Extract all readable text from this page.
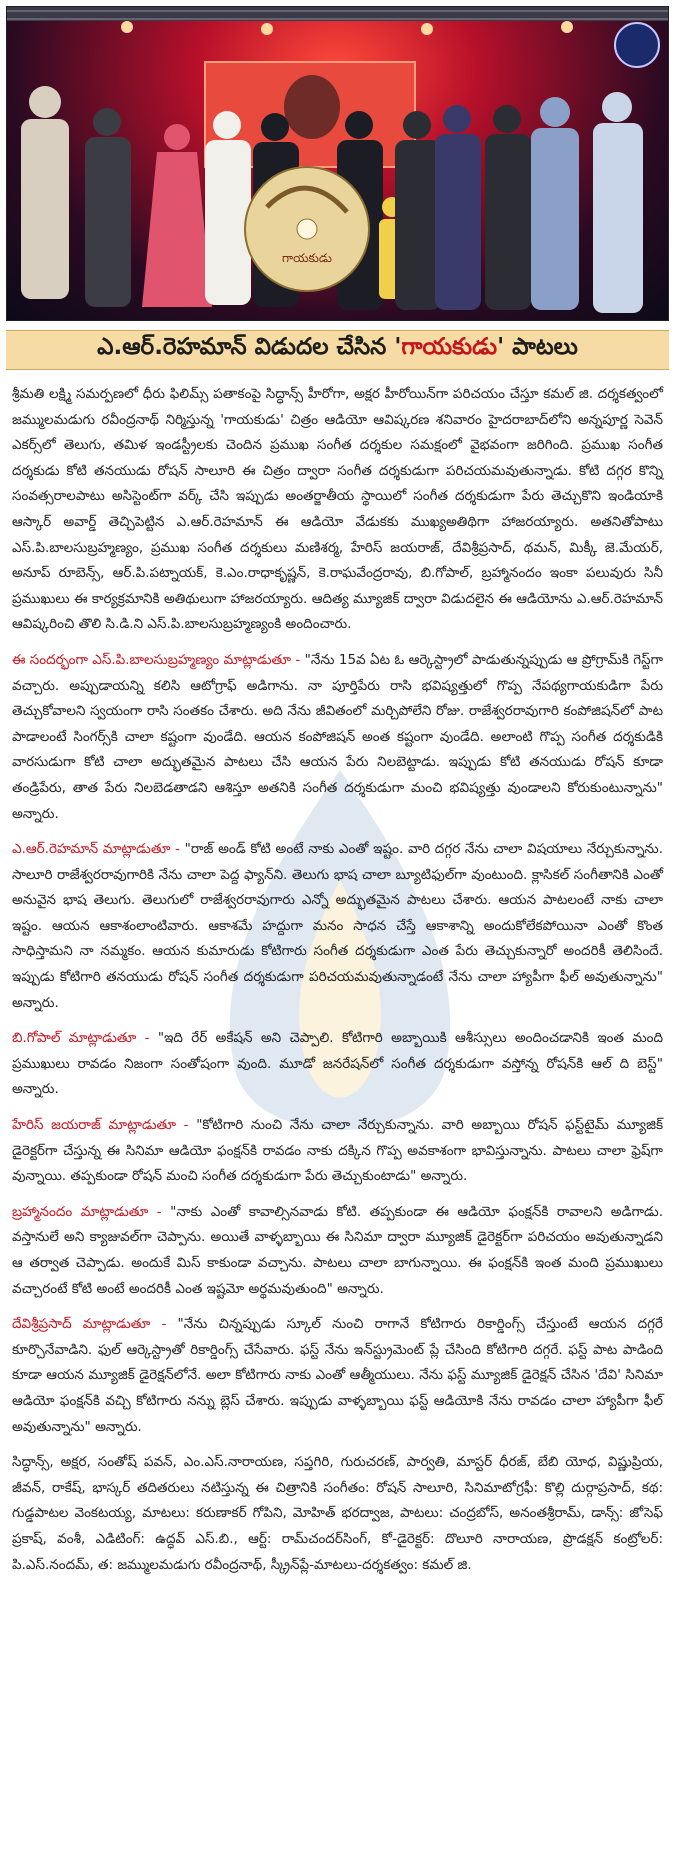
గాయకుడు
ఎ.ఆర్.రెహమాన్ విడుదల చేసిన 'గాయకుడు' పాటలు

శ్రీమతి లక్ష్మి సమర్పణలో ధీరు ఫిలిమ్స్ పతాకంపై సిద్ధాన్స్ హీరోగా, అక్షర హీరోయిన్‌గా పరిచయం చేస్తూ కమల్ జి. దర్శకత్వంలో జమ్ములమడుగు రవీంద్రనాథ్ నిర్మిస్తున్న 'గాయకుడు' చిత్రం ఆడియో ఆవిష్కరణ శనివారం హైదరాబాద్‌లోని అన్నపూర్ణ సెవెన్ ఎకర్స్‌లో తెలుగు, తమిళ ఇండస్ట్రీలకు చెందిన ప్రముఖ సంగీత దర్శకుల సమక్షంలో వైభవంగా జరిగింది. ప్రముఖ సంగీత దర్శకుడు కోటి తనయుడు రోషన్ సాలూరి ఈ చిత్రం ద్వారా సంగీత దర్శకుడుగా పరిచయమవుతున్నాడు. కోటి దగ్గర కొన్ని సంవత్సరాలపాటు అసిస్టెంట్‌గా వర్క్ చేసి ఇప్పుడు అంతర్జాతీయ స్థాయిలో సంగీత దర్శకుడుగా పేరు తెచ్చుకొని ఇండియాకి ఆస్కార్ అవార్డ్ తెచ్చిపెట్టిన ఎ.ఆర్.రెహమాన్ ఈ ఆడియో వేడుకకు ముఖ్యఅతిథిగా హాజరయ్యారు. అతనితోపాటు ఎస్.పి.బాలసుబ్రహ్మణ్యం, ప్రముఖ సంగీత దర్శకులు మణిశర్మ, హేరిస్ జయరాజ్, దేవిశ్రీప్రసాద్, థమన్, మిక్కీ జె.మేయర్, అనూప్ రూబెన్స్, ఆర్.పి.పట్నాయక్, కె.ఎం.రాధాకృష్ణన్, కె.రాఘవేంద్రరావు, బి.గోపాల్, బ్రహ్మానందం ఇంకా పలువురు సినీ ప్రముఖులు ఈ కార్యక్రమానికి అతిథులుగా హాజరయ్యారు. ఆదిత్య మ్యూజిక్ ద్వారా విడుదలైన ఈ ఆడియోను ఎ.ఆర్.రెహమాన్ ఆవిష్కరించి తొలి సి.డి.ని ఎస్.పి.బాలసుబ్రహ్మణ్యంకి అందించారు.

ఈ సందర్భంగా ఎస్.పి.బాలసుబ్రహ్మణ్యం మాట్లాడుతూ - "నేను 15వ ఏట ఓ ఆర్కెస్ట్రాలో పాడుతున్నప్పుడు ఆ ప్రోగ్రామ్‌కి గెస్ట్‌గా వచ్చారు. అప్పుడాయన్ని కలిసి ఆటోగ్రాఫ్ అడిగాను. నా పూర్తిపేరు రాసి భవిష్యత్తులో గొప్ప నేపథ్యగాయకుడిగా పేరు తెచ్చుకోవాలని స్వయంగా రాసి సంతకం చేశారు. అది నేను జీవితంలో మర్చిపోలేని రోజు. రాజేశ్వరరావుగారి కంపోజిషన్‌లో పాట పాడాలంటే సింగర్స్‌కి చాలా కష్టంగా వుండేది. ఆయన కంపోజిషన్ అంత కష్టంగా వుండేది. అలాంటి గొప్ప సంగీత దర్శకుడికి వారసుడుగా కోటి చాలా అద్భుతమైన పాటలు చేసి ఆయన పేరు నిలబెట్టాడు. ఇప్పుడు కోటి తనయుడు రోషన్ కూడా తండ్రిపేరు, తాత పేరు నిలబెడతాడని ఆశిస్తూ అతనికి సంగీత దర్శకుడుగా మంచి భవిష్యత్తు వుండాలని కోరుకుంటున్నాను" అన్నారు.

ఎ.ఆర్.రెహమాన్ మాట్లాడుతూ - "రాజ్ అండ్ కోటి అంటే నాకు ఎంతో ఇష్టం. వారి దగ్గర నేను చాలా విషయాలు నేర్చుకున్నాను. సాలూరి రాజేశ్వరరావుగారికి నేను చాలా పెద్ద ఫ్యాన్‌ని. తెలుగు భాష చాలా బ్యూటిఫుల్‌గా వుంటుంది. క్లాసికల్ సంగీతానికి ఎంతో అనువైన భాష తెలుగు. తెలుగులో రాజేశ్వరరావుగారు ఎన్నో అద్భుతమైన పాటలు చేశారు. ఆయన పాటలంటే నాకు చాలా ఇష్టం. ఆయన ఆకాశంలాంటివారు. ఆకాశమే హద్దుగా మనం సాధన చేస్తే ఆకాశాన్ని అందుకోలేకపోయినా ఎంతో కొంత సాధిస్తామని నా నమ్మకం. ఆయన కుమారుడు కోటిగారు సంగీత దర్శకుడుగా ఎంత పేరు తెచ్చుకున్నారో అందరికీ తెలిసిందే. ఇప్పుడు కోటిగారి తనయుడు రోషన్ సంగీత దర్శకుడుగా పరిచయమవుతున్నాడంటే నేను చాలా హ్యాపీగా ఫీల్ అవుతున్నాను" అన్నారు.

బి.గోపాల్ మాట్లాడుతూ - "ఇది రేర్ అకేషన్ అని చెప్పాలి. కోటిగారి అబ్బాయికి ఆశీస్సులు అందించడానికి ఇంత మంది ప్రముఖులు రావడం నిజంగా సంతోషంగా వుంది. మూడో జనరేషన్‌లో సంగీత దర్శకుడుగా వస్తోన్న రోషన్‌కి ఆల్ ది బెస్ట్" అన్నారు.

హేరిస్ జయరాజ్ మాట్లాడుతూ - "కోటిగారి నుంచి నేను చాలా నేర్చుకున్నాను. వారి అబ్బాయి రోషన్ ఫస్ట్‌టైమ్ మ్యూజిక్ డైరెక్టర్‌గా చేస్తున్న ఈ సినిమా ఆడియో ఫంక్షన్‌కి రావడం నాకు దక్కిన గొప్ప అవకాశంగా భావిస్తున్నాను. పాటలు చాలా ఫ్రెష్‌గా వున్నాయి. తప్పకుండా రోషన్ మంచి సంగీత దర్శకుడుగా పేరు తెచ్చుకుంటాడు" అన్నారు.

బ్రహ్మానందం మాట్లాడుతూ - "నాకు ఎంతో కావాల్సినవాడు కోటి. తప్పకుండా ఈ ఆడియో ఫంక్షన్‌కి రావాలని అడిగాడు. వస్తానులే అని క్యాజువల్‌గా చెప్పాను. అయితే వాళ్ళబ్బాయి ఈ సినిమా ద్వారా మ్యూజిక్ డైరెక్టర్‌గా పరిచయం అవుతున్నాడని ఆ తర్వాత చెప్పాడు. అందుకే మిస్ కాకుండా వచ్చాను. పాటలు చాలా బాగున్నాయి. ఈ ఫంక్షన్‌కి ఇంత మంది ప్రముఖులు వచ్చారంటే కోటి అంటే అందరికీ ఎంత ఇష్టమో అర్థమవుతుంది" అన్నారు.

దేవిశ్రీప్రసాద్ మాట్లాడుతూ - "నేను చిన్నప్పుడు స్కూల్ నుంచి రాగానే కోటిగారు రికార్డింగ్స్ చేస్తుంటే ఆయన దగ్గరే కూర్చొనేవాడిని. ఫుల్ ఆర్కెస్ట్రాతో రికార్డింగ్స్ చేసేవారు. ఫస్ట్ నేను ఇన్‌స్ట్రుమెంట్ ప్లే చేసింది కోటిగారి దగ్గరే. ఫస్ట్ పాట పాడింది కూడా ఆయన మ్యూజిక్ డైరెక్షన్‌లోనే. అలా కోటిగారు నాకు ఎంతో ఆత్మీయులు. నేను ఫస్ట్ మ్యూజిక్ డైరెక్షన్ చేసిన 'దేవి' సినిమా ఆడియో ఫంక్షన్‌కి వచ్చి కోటిగారు నన్ను బ్లెస్ చేశారు. ఇప్పుడు వాళ్ళబ్బాయి ఫస్ట్ ఆడియోకి నేను రావడం చాలా హ్యాపీగా ఫీల్ అవుతున్నాను" అన్నారు.

సిద్ధాన్స్, అక్షర, సంతోష్ పవన్, ఎం.ఎస్.నారాయణ, సప్తగిరి, గురుచరణ్, పార్వతి, మాస్టర్ ధీరజ్, బేబి యోధ, విష్ణుప్రియ, జీవన్, రాకేష్, భాస్కర్ తదితరులు నటిస్తున్న ఈ చిత్రానికి సంగీతం: రోషన్ సాలూరి, సినిమాటోగ్రఫీ: కొల్లి దుర్గాప్రసాద్, కథ: గుడ్డపాటల వెంకటయ్య, మాటలు: కరుణాకర్ గోపిని, మోహిత్ భరద్వాజ, పాటలు: చంద్రబోస్, అనంతశ్రీరామ్, డాన్స్: జోసెఫ్ ప్రకాష్, వంశీ, ఎడిటింగ్: ఉద్ధవ్ ఎస్.బి., ఆర్ట్: రామ్‌చందర్‌సింగ్, కో-డైరెక్టర్: దొలూరి నారాయణ, ప్రొడక్షన్ కంట్రోలర్: పి.ఎస్.నందమ్, త: జమ్ములమడుగు రవీంద్రనాథ్, స్క్రీన్‌ప్లే-మాటలు-దర్శకత్వం: కమల్ జి.
